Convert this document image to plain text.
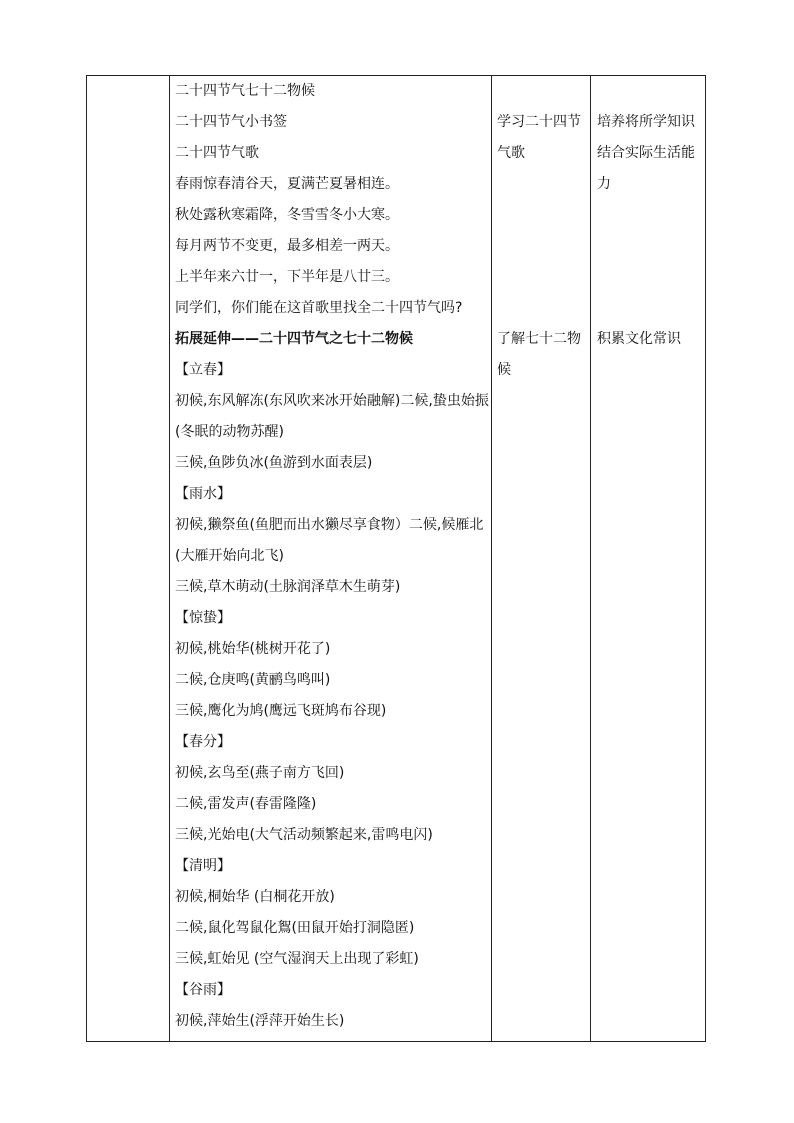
二十四节气七十二物候
二十四节气小书签
二十四节气歌
春雨惊春清谷天，夏满芒夏暑相连。
秋处露秋寒霜降，冬雪雪冬小大寒。
每月两节不变更，最多相差一两天。
上半年来六廿一，下半年是八廿三。
同学们，你们能在这首歌里找全二十四节气吗?
拓展延伸——二十四节气之七十二物候
【立春】
初候,东风解冻(东风吹来冰开始融解)二候,蛰虫始振
(冬眠的动物苏醒)
三候,鱼陟负冰(鱼游到水面表层)
【雨水】
初候,獭祭鱼(鱼肥而出水獭尽享食物）二候,候雁北
(大雁开始向北飞)
三候,草木萌动(土脉润泽草木生萌芽)
【惊蛰】
初候,桃始华(桃树开花了)
二候,仓庚鸣(黄鹂鸟鸣叫)
三候,鹰化为鸠(鹰远飞斑鸠布谷现)
【春分】
初候,玄鸟至(燕子南方飞回)
二候,雷发声(春雷隆隆)
三候,光始电(大气活动频繁起来,雷鸣电闪)
【清明】
初候,桐始华 (白桐花开放)
二候,鼠化驾鼠化鴽(田鼠开始打洞隐匿)
三候,虹始见 (空气湿润天上出现了彩虹)
【谷雨】
初候,萍始生(浮萍开始生长)
学习二十四节
气歌
了解七十二物
候
培养将所学知识
结合实际生活能
力
积累文化常识
